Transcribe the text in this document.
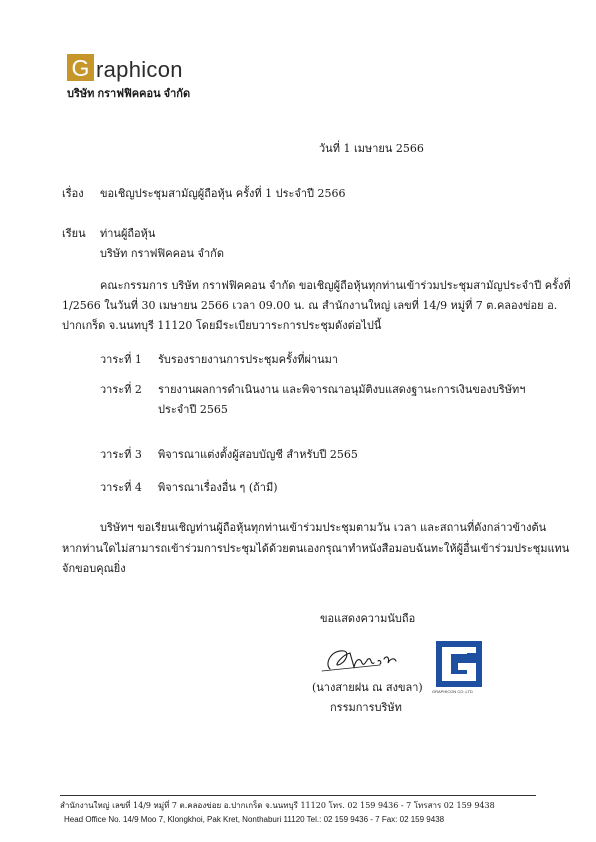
G raphicon
บริษัท กราฟฟิคคอน จำกัด
วันที่ 1 เมษายน 2566
เรื่อง ขอเชิญประชุมสามัญผู้ถือหุ้น ครั้งที่ 1 ประจำปี 2566
เรียน ท่านผู้ถือหุ้น
บริษัท กราฟฟิคคอน จำกัด
คณะกรรมการ บริษัท กราฟฟิคคอน จำกัด ขอเชิญผู้ถือหุ้นทุกท่านเข้าร่วมประชุมสามัญประจำปี ครั้งที่
1/2566 ในวันที่ 30 เมษายน 2566 เวลา 09.00 น. ณ สำนักงานใหญ่ เลขที่ 14/9 หมู่ที่ 7 ต.คลองข่อย อ.
ปากเกร็ด จ.นนทบุรี 11120 โดยมีระเบียบวาระการประชุมดังต่อไปนี้
วาระที่ 1 รับรองรายงานการประชุมครั้งที่ผ่านมา
วาระที่ 2 รายงานผลการดำเนินงาน และพิจารณาอนุมัติงบแสดงฐานะการเงินของบริษัทฯ
ประจำปี 2565
วาระที่ 3 พิจารณาแต่งตั้งผู้สอบบัญชี สำหรับปี 2565
วาระที่ 4 พิจารณาเรื่องอื่น ๆ (ถ้ามี)
บริษัทฯ ขอเรียนเชิญท่านผู้ถือหุ้นทุกท่านเข้าร่วมประชุมตามวัน เวลา และสถานที่ดังกล่าวข้างต้น
หากท่านใดไม่สามารถเข้าร่วมการประชุมได้ด้วยตนเองกรุณาทำหนังสือมอบฉันทะให้ผู้อื่นเข้าร่วมประชุมแทน
จักขอบคุณยิ่ง
ขอแสดงความนับถือ
(นางสายฝน ณ สงขลา)
กรรมการบริษัท
GRAPHICON CO.,LTD
สำนักงานใหญ่ เลขที่ 14/9 หมู่ที่ 7 ต.คลองข่อย อ.ปากเกร็ด จ.นนทบุรี 11120 โทร. 02 159 9436 - 7 โทรสาร 02 159 9438
Head Office No. 14/9 Moo 7, Klongkhoi, Pak Kret, Nonthaburi 11120 Tel.: 02 159 9436 - 7 Fax: 02 159 9438
